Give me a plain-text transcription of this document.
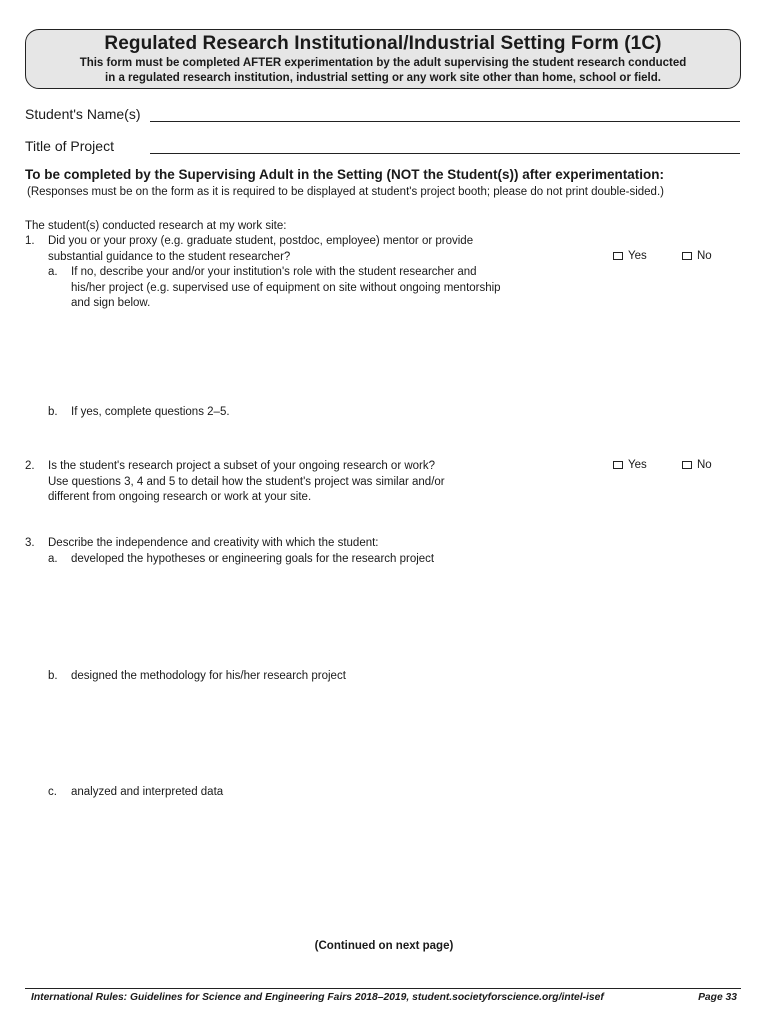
Regulated Research Institutional/Industrial Setting Form (1C)
This form must be completed AFTER experimentation by the adult supervising the student research conducted
in a regulated research institution, industrial setting or any work site other than home, school or field.
Student's Name(s)
Title of Project
To be completed by the Supervising Adult in the Setting (NOT the Student(s)) after experimentation:
(Responses must be on the form as it is required to be displayed at student's project booth; please do not print double-sided.)
The student(s) conducted research at my work site:
1. Did you or your proxy (e.g. graduate student, postdoc, employee) mentor or provide
substantial guidance to the student researcher?	Yes	No
a. If no, describe your and/or your institution's role with the student researcher and
his/her project (e.g. supervised use of equipment on site without ongoing mentorship
and sign below.
b. If yes, complete questions 2–5.
2. Is the student's research project a subset of your ongoing research or work?
Use questions 3, 4 and 5 to detail how the student's project was similar and/or
different from ongoing research or work at your site.
Yes	No
3. Describe the independence and creativity with which the student:
a. developed the hypotheses or engineering goals for the research project
b. designed the methodology for his/her research project
c. analyzed and interpreted data
(Continued on next page)
International Rules: Guidelines for Science and Engineering Fairs 2018–2019, student.societyforscience.org/intel-isef	Page 33
